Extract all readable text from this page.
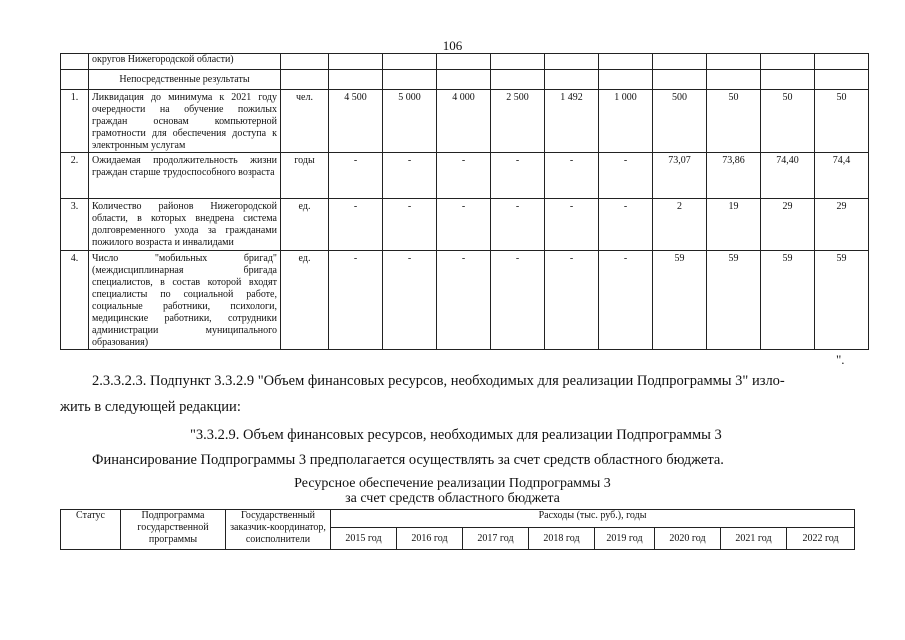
106
	округов Нижегородской области)											
	Непосредственные результаты											
1.	Ликвидация до минимума к 2021 году очередности на обучение пожилых граждан основам компьютерной грамотности для обеспечения доступа к электронным услугам	чел.	4 500	5 000	4 000	2 500	1 492	1 000	500	50	50	50
2.	Ожидаемая продолжительность жизни граждан старше трудоспособного возраста	годы	-	-	-	-	-	-	73,07	73,86	74,40	74,4
3.	Количество районов Нижегородской области, в которых внедрена система долговременного ухода за гражданами пожилого возраста и инвалидами	ед.	-	-	-	-	-	-	2	19	29	29
4.	Число "мобильных бригад" (междисциплинарная бригада специалистов, в состав которой входят специалисты по социальной работе, социальные работники, психологи, медицинские работники, сотрудники администрации муниципального образования)	ед.	-	-	-	-	-	-	59	59	59	59
".
2.3.3.2.3. Подпункт 3.3.2.9 "Объем финансовых ресурсов, необходимых для реализации Подпрограммы 3" изло-
жить в следующей редакции:
"3.3.2.9. Объем финансовых ресурсов, необходимых для реализации Подпрограммы 3
Финансирование Подпрограммы 3 предполагается осуществлять за счет средств областного бюджета.
Ресурсное обеспечение реализации Подпрограммы 3
за счет средств областного бюджета
Статус	Подпрограмма государственной программы	Государственный заказчик-координатор, соисполнители	Расходы (тыс. руб.), годы							
			2015 год	2016 год	2017 год	2018 год	2019 год	2020 год	2021 год	2022 год
